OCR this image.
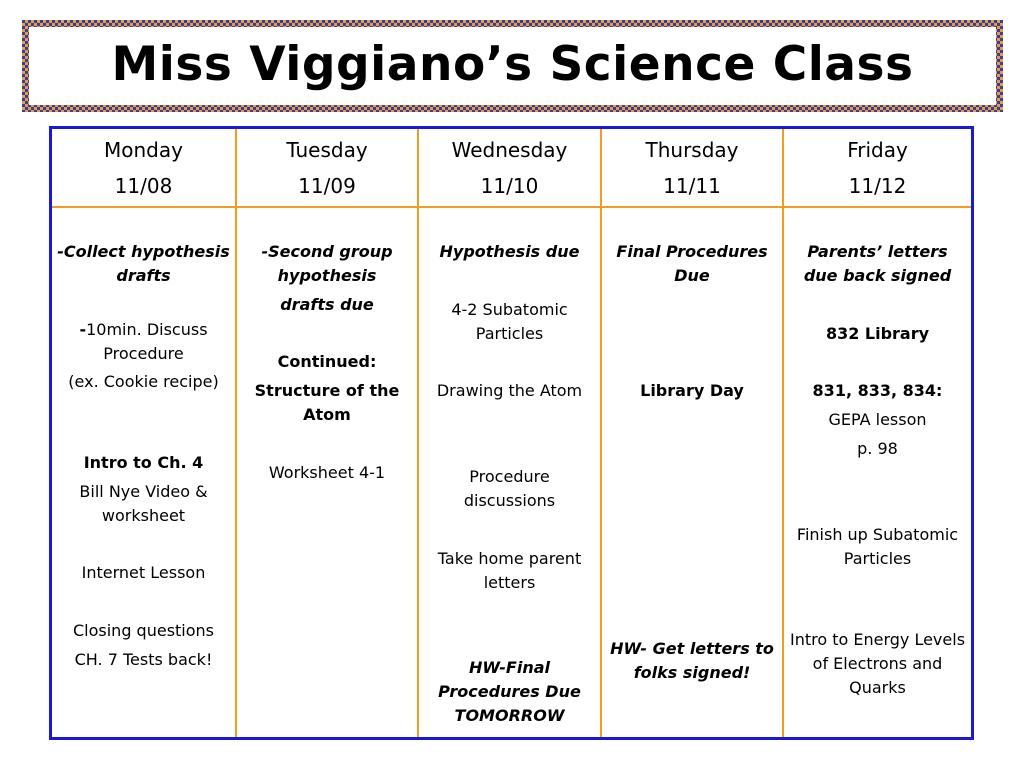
Miss Viggiano’s Science Class
Monday
11/08
Tuesday
11/09
Wednesday
11/10
Thursday
11/11
Friday
11/12
-Collect hypothesis drafts
-10min. Discuss Procedure
(ex. Cookie recipe)
Intro to Ch. 4
Bill Nye Video & worksheet
Internet Lesson
Closing questions
CH. 7 Tests back!
-Second group hypothesis
drafts due
Continued:
Structure of the Atom
Worksheet 4-1
Hypothesis due
4-2 Subatomic Particles
Drawing the Atom
Procedure discussions
Take home parent letters
HW-Final Procedures Due TOMORROW
Final Procedures Due
Library Day
HW- Get letters to folks signed!
Parents’ letters due back signed
832 Library
831, 833, 834:
GEPA lesson
p. 98
Finish up Subatomic Particles
Intro to Energy Levels of Electrons and Quarks
